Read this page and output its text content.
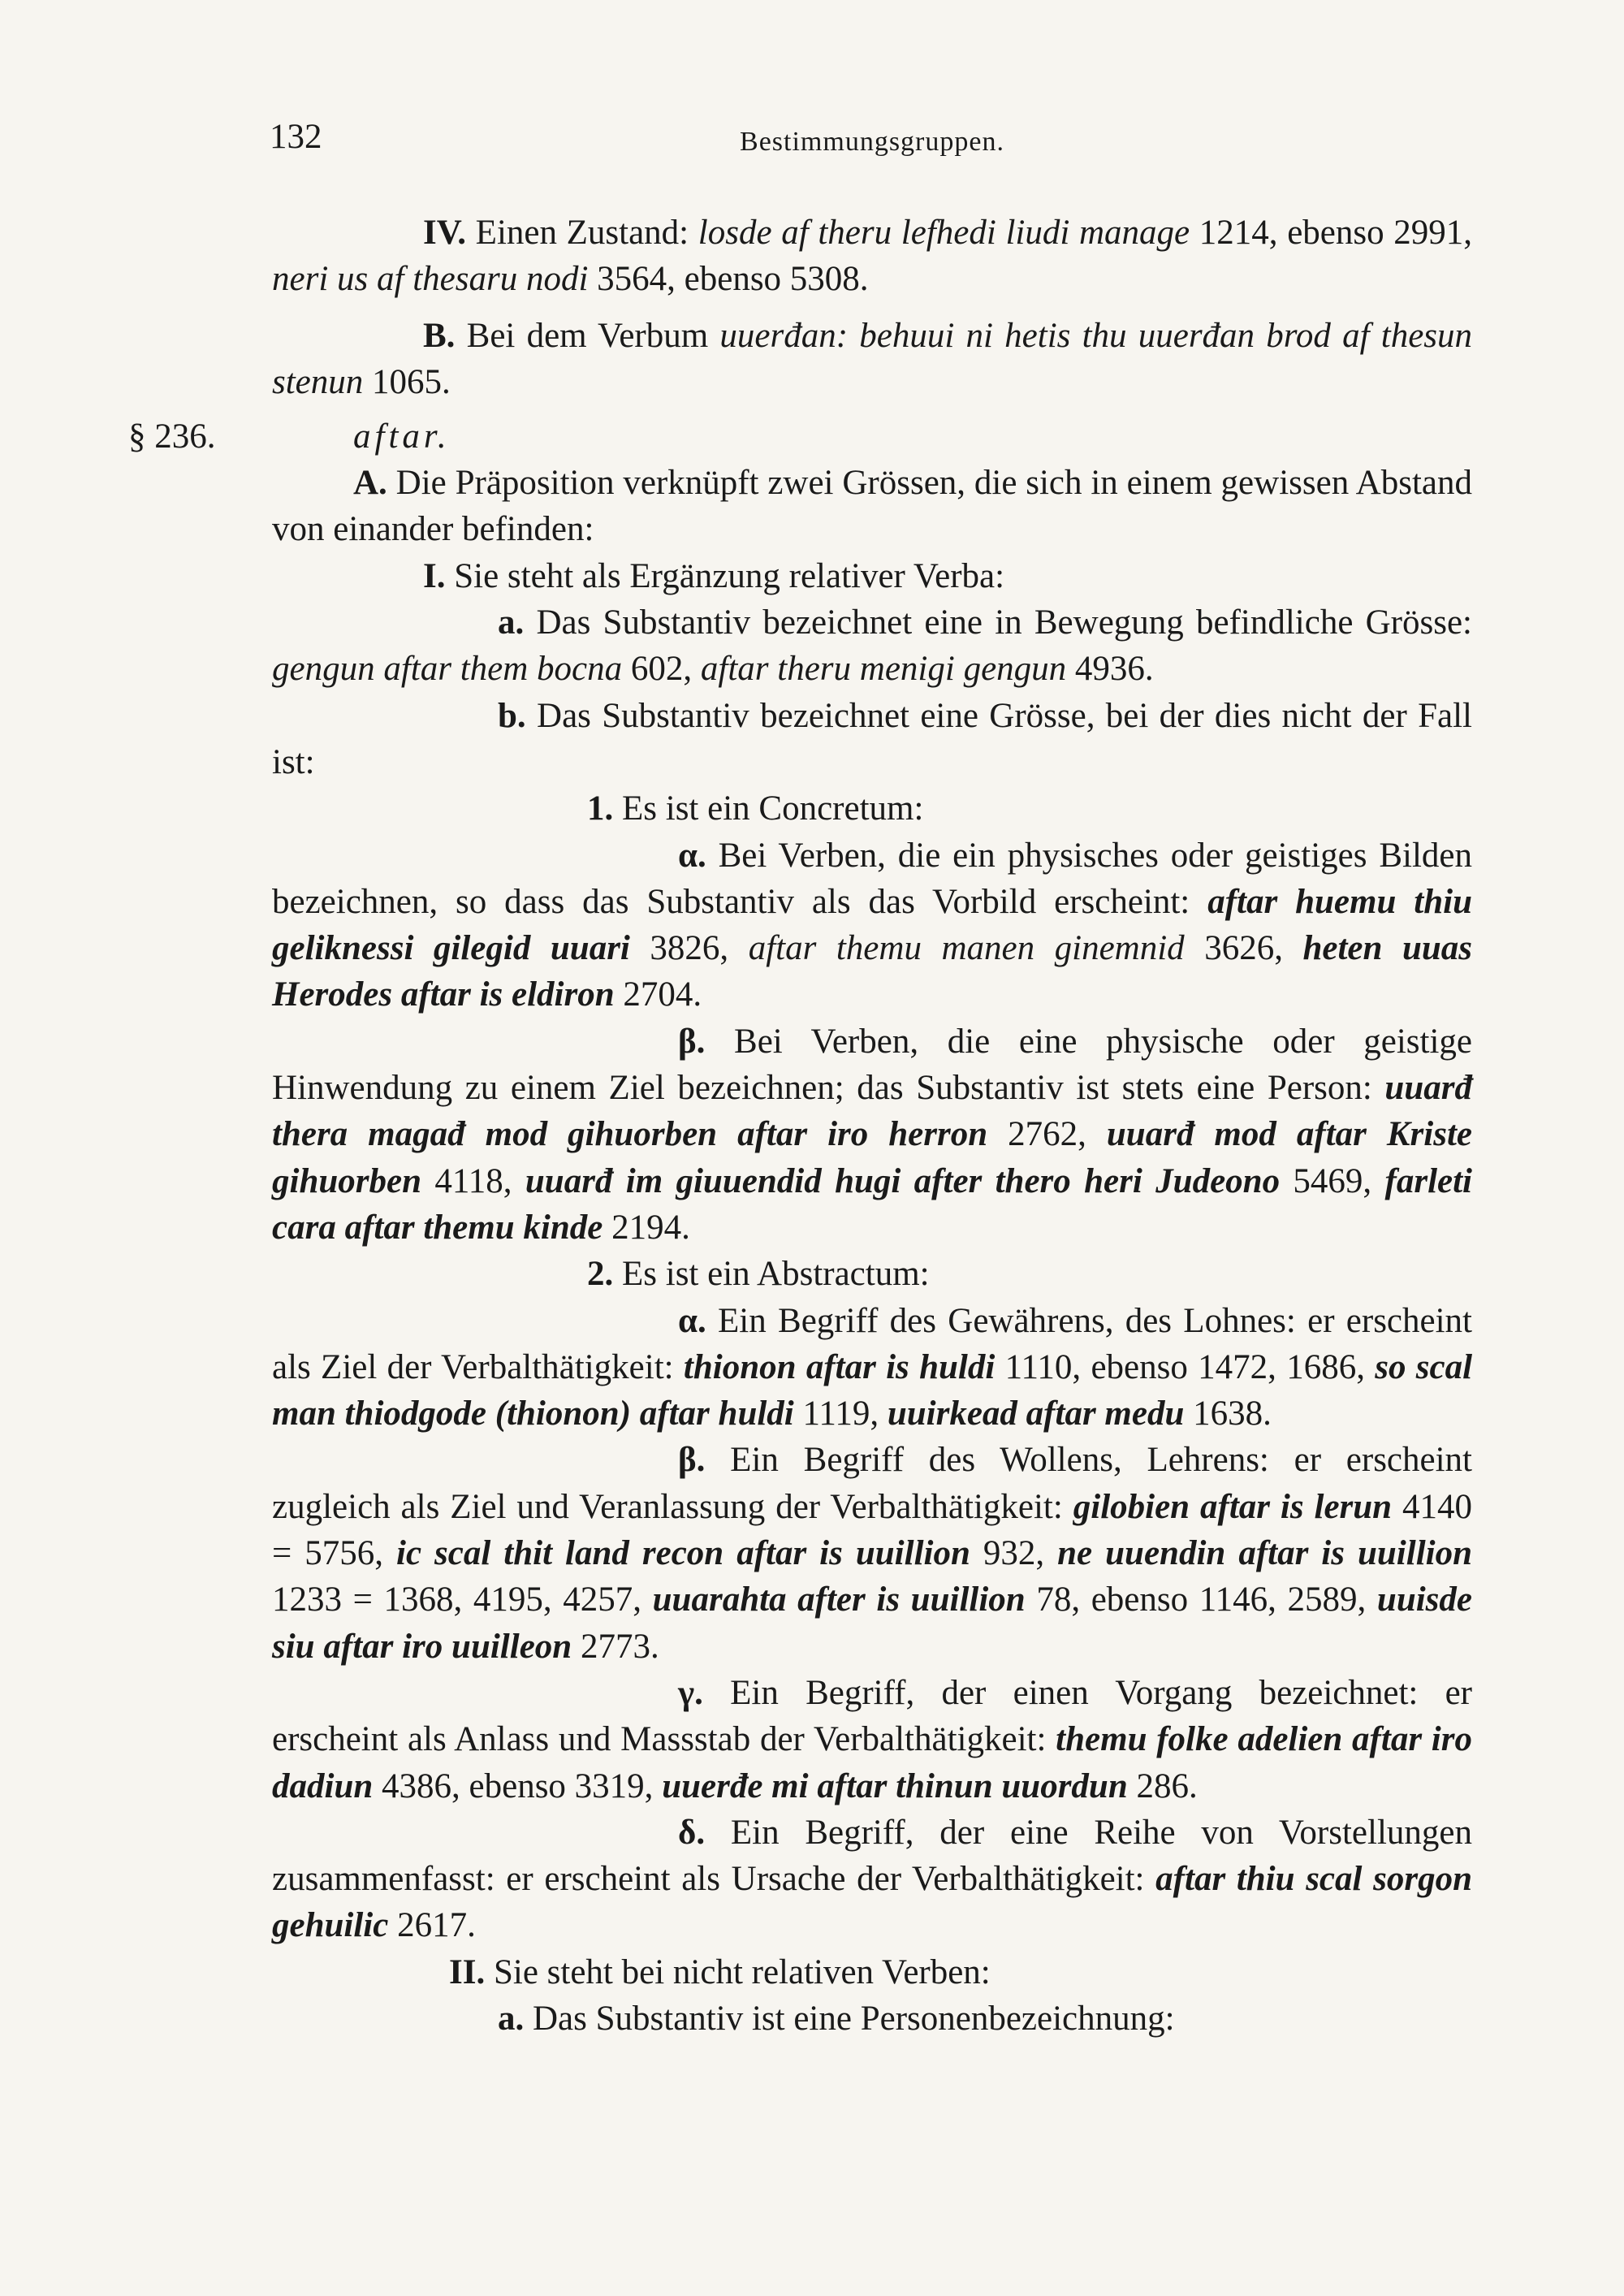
132	Bestimmungsgruppen.

IV. Einen Zustand: losde af theru lefhedi liudi manage 1214, ebenso 2991, neri us af thesaru nodi 3564, ebenso 5308.

B. Bei dem Verbum uuerđan: behuui ni hetis thu uuerđan brod af thesun stenun 1065.

§ 236.	aftar.

A. Die Präposition verknüpft zwei Grössen, die sich in einem gewissen Abstand von einander befinden:

I. Sie steht als Ergänzung relativer Verba:

a. Das Substantiv bezeichnet eine in Bewegung befindliche Grösse: gengun aftar them bocna 602, aftar theru menigi gengun 4936.

b. Das Substantiv bezeichnet eine Grösse, bei der dies nicht der Fall ist:

1. Es ist ein Concretum:

α. Bei Verben, die ein physisches oder geistiges Bilden bezeichnen, so dass das Substantiv als das Vorbild erscheint: aftar huemu thiu geliknessi gilegid uuari 3826, aftar themu manen ginemnid 3626, heten uuas Herodes aftar is eldiron 2704.

β. Bei Verben, die eine physische oder geistige Hinwendung zu einem Ziel bezeichnen; das Substantiv ist stets eine Person: uuarđ thera magađ mod gihuorben aftar iro herron 2762, uuarđ mod aftar Kriste gihuorben 4118, uuarđ im giuuendid hugi after thero heri Judeono 5469, farleti cara aftar themu kinde 2194.

2. Es ist ein Abstractum:

α. Ein Begriff des Gewährens, des Lohnes: er erscheint als Ziel der Verbalthätigkeit: thionon aftar is huldi 1110, ebenso 1472, 1686, so scal man thiodgode (thionon) aftar huldi 1119, uuirkead aftar medu 1638.

β. Ein Begriff des Wollens, Lehrens: er erscheint zugleich als Ziel und Veranlassung der Verbalthätigkeit: gilobien aftar is lerun 4140 = 5756, ic scal thit land recon aftar is uuillion 932, ne uuendin aftar is uuillion 1233 = 1368, 4195, 4257, uuarahta after is uuillion 78, ebenso 1146, 2589, uuisde siu aftar iro uuilleon 2773.

γ. Ein Begriff, der einen Vorgang bezeichnet: er erscheint als Anlass und Massstab der Verbalthätigkeit: themu folke adelien aftar iro dadiun 4386, ebenso 3319, uuerđe mi aftar thinun uuordun 286.

δ. Ein Begriff, der eine Reihe von Vorstellungen zusammenfasst: er erscheint als Ursache der Verbalthätigkeit: aftar thiu scal sorgon gehuilic 2617.

II. Sie steht bei nicht relativen Verben:

a. Das Substantiv ist eine Personenbezeichnung:
